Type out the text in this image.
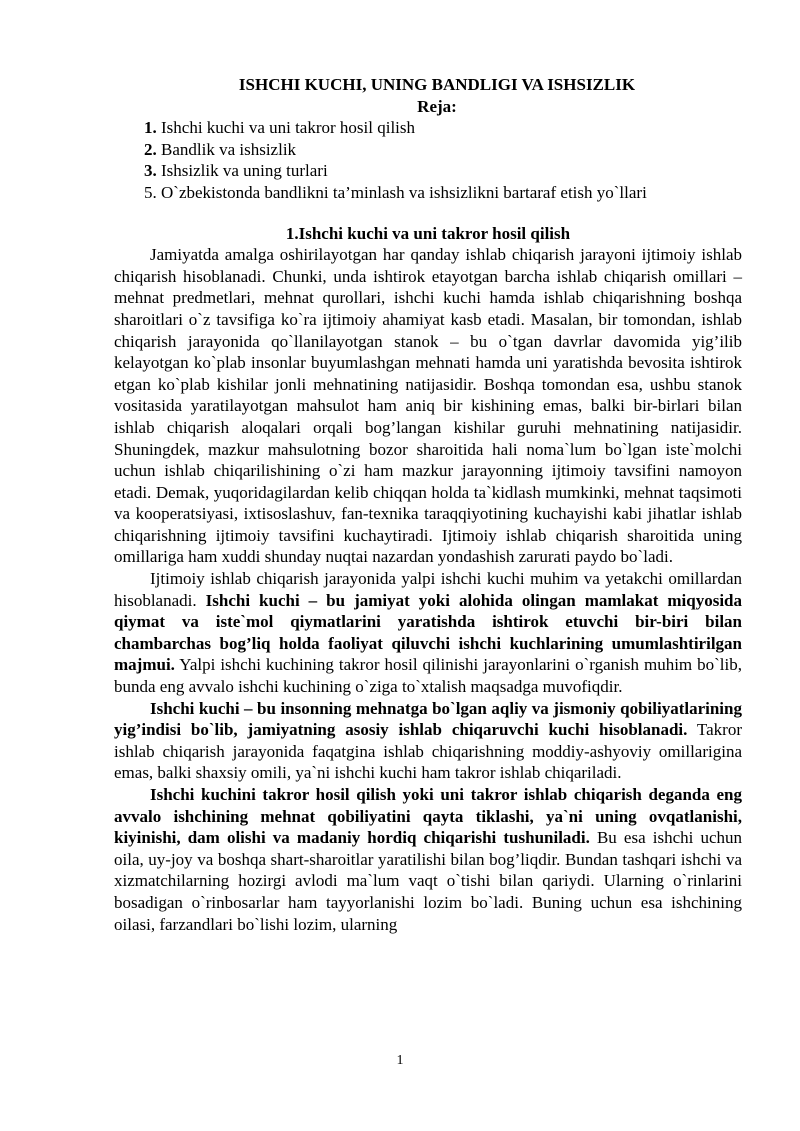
ISHCHI KUCHI, UNING BANDLIGI VA ISHSIZLIK
Reja:
1. Ishchi kuchi va uni takror hosil qilish
2. Bandlik va ishsizlik
3. Ishsizlik va uning turlari
5. O`zbekistonda bandlikni ta’minlash va ishsizlikni bartaraf etish yo`llari
1.Ishchi kuchi va uni takror hosil qilish

Jamiyatda amalga oshirilayotgan har qanday ishlab chiqarish jarayoni ijtimoiy ishlab chiqarish hisoblanadi. Chunki, unda ishtirok etayotgan barcha ishlab chiqarish omillari – mehnat predmetlari, mehnat qurollari, ishchi kuchi hamda ishlab chiqarishning boshqa sharoitlari o`z tavsifiga ko`ra ijtimoiy ahamiyat kasb etadi. Masalan, bir tomondan, ishlab chiqarish jarayonida qo`llanilayotgan stanok – bu o`tgan davrlar davomida yig’ilib kelayotgan ko`plab insonlar buyumlashgan mehnati hamda uni yaratishda bevosita ishtirok etgan ko`plab kishilar jonli mehnatining natijasidir. Boshqa tomondan esa, ushbu stanok vositasida yaratilayotgan mahsulot ham aniq bir kishining emas, balki bir-birlari bilan ishlab chiqarish aloqalari orqali bog’langan kishilar guruhi mehnatining natijasidir. Shuningdek, mazkur mahsulotning bozor sharoitida hali noma`lum bo`lgan iste`molchi uchun ishlab chiqarilishining o`zi ham mazkur jarayonning ijtimoiy tavsifini namoyon etadi. Demak, yuqoridagilardan kelib chiqqan holda ta`kidlash mumkinki, mehnat taqsimoti va kooperatsiyasi, ixtisoslashuv, fan-texnika taraqqiyotining kuchayishi kabi jihatlar ishlab chiqarishning ijtimoiy tavsifini kuchaytiradi. Ijtimoiy ishlab chiqarish sharoitida uning omillariga ham xuddi shunday nuqtai nazardan yondashish zarurati paydo bo`ladi.

Ijtimoiy ishlab chiqarish jarayonida yalpi ishchi kuchi muhim va yetakchi omillardan hisoblanadi. Ishchi kuchi – bu jamiyat yoki alohida olingan mamlakat miqyosida qiymat va iste`mol qiymatlarini yaratishda ishtirok etuvchi bir-biri bilan chambarchas bog’liq holda faoliyat qiluvchi ishchi kuchlarining umumlashtirilgan majmui. Yalpi ishchi kuchining takror hosil qilinishi jarayonlarini o`rganish muhim bo`lib, bunda eng avvalo ishchi kuchining o`ziga to`xtalish maqsadga muvofiqdir.

Ishchi kuchi – bu insonning mehnatga bo`lgan aqliy va jismoniy qobiliyatlarining yig’indisi bo`lib, jamiyatning asosiy ishlab chiqaruvchi kuchi hisoblanadi. Takror ishlab chiqarish jarayonida faqatgina ishlab chiqarishning moddiy-ashyoviy omillarigina emas, balki shaxsiy omili, ya`ni ishchi kuchi ham takror ishlab chiqariladi.

Ishchi kuchini takror hosil qilish yoki uni takror ishlab chiqarish deganda eng avvalo ishchining mehnat qobiliyatini qayta tiklashi, ya`ni uning ovqatlanishi, kiyinishi, dam olishi va madaniy hordiq chiqarishi tushuniladi. Bu esa ishchi uchun oila, uy-joy va boshqa shart-sharoitlar yaratilishi bilan bog’liqdir. Bundan tashqari ishchi va xizmatchilarning hozirgi avlodi ma`lum vaqt o`tishi bilan qariydi. Ularning o`rinlarini bosadigan o`rinbosarlar ham tayyorlanishi lozim bo`ladi. Buning uchun esa ishchining oilasi, farzandlari bo`lishi lozim, ularning

1
